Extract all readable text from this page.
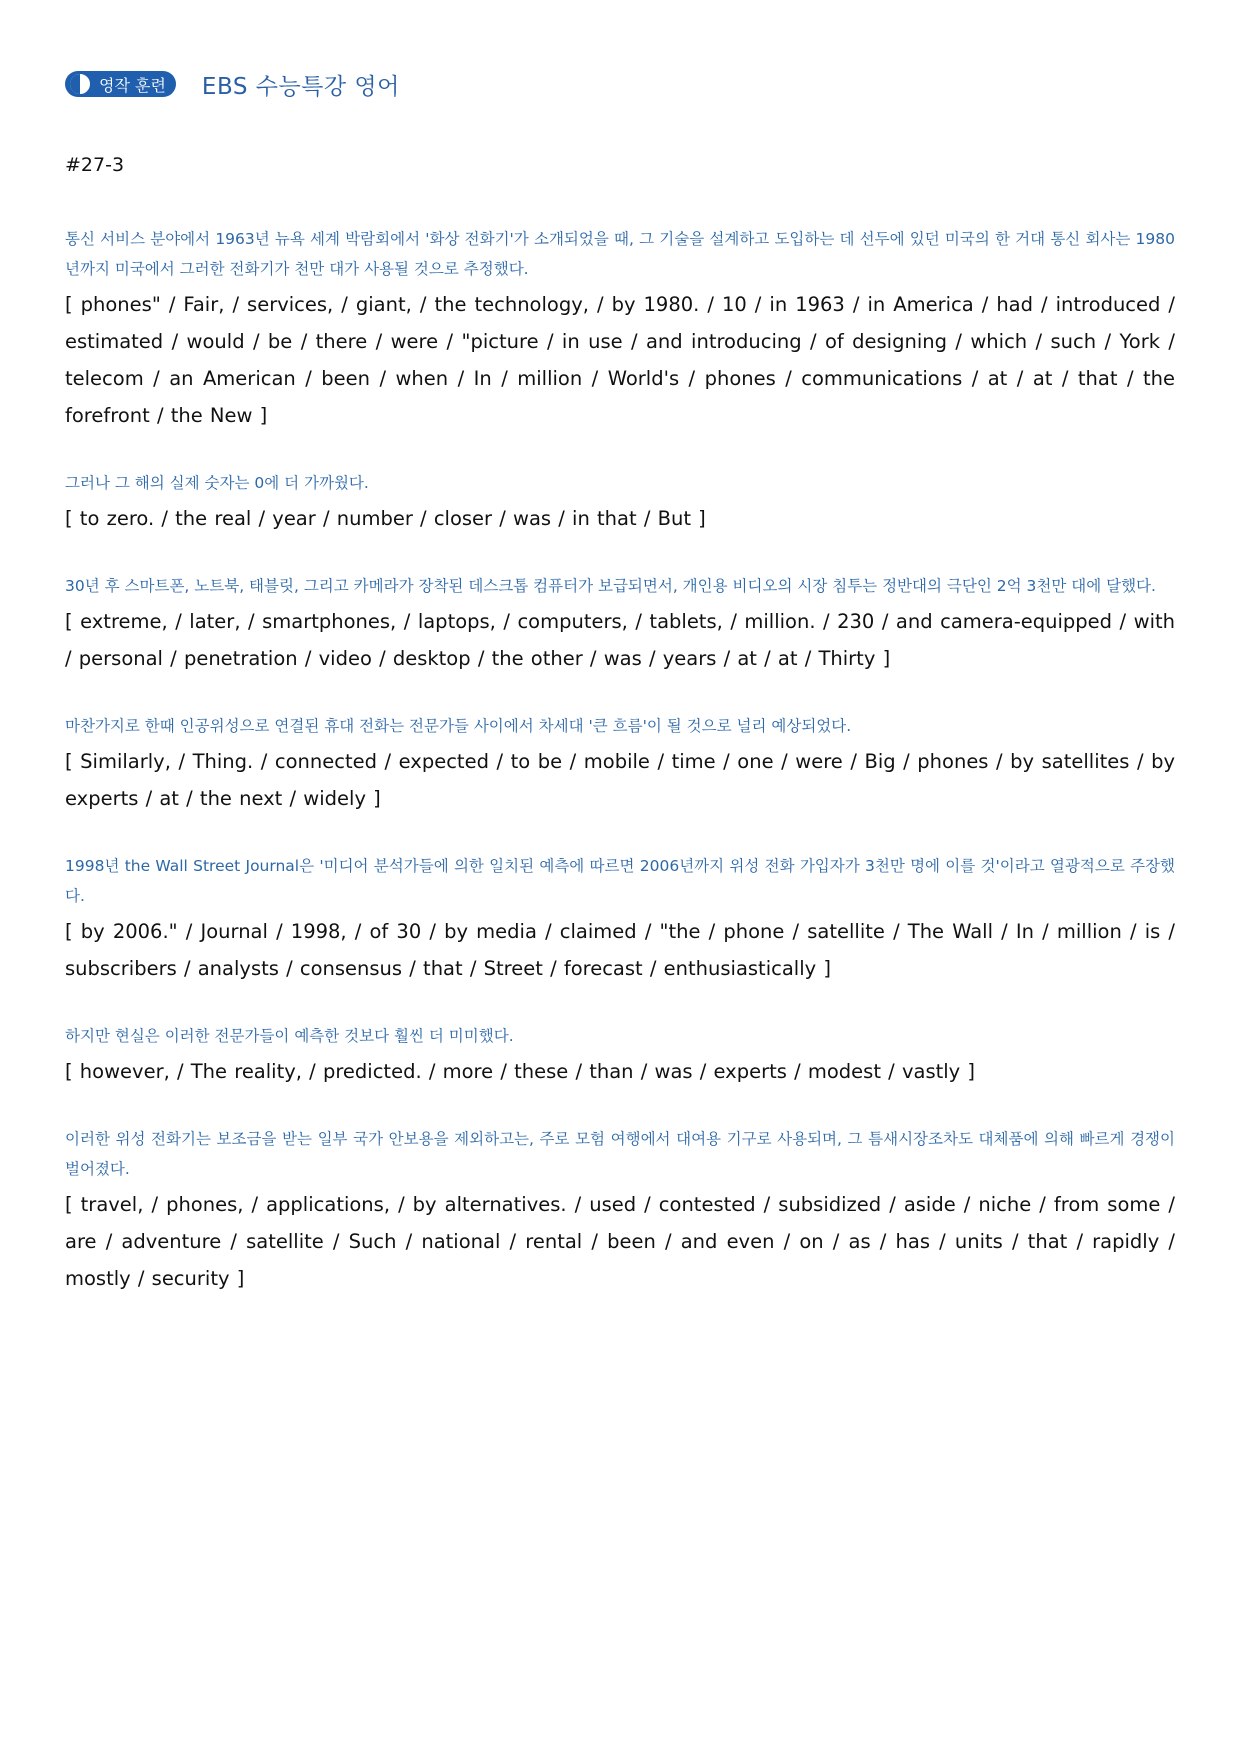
영작 훈련 EBS 수능특강 영어
#27-3
통신 서비스 분야에서 1963년 뉴욕 세계 박람회에서 '화상 전화기'가 소개되었을 때, 그 기술을 설계하고 도입하는 데 선두에 있던 미국의 한 거대 통신 회사는 1980년까지 미국에서 그러한 전화기가 천만 대가 사용될 것으로 추정했다.
[ phones" / Fair, / services, / giant, / the technology, / by 1980. / 10 / in 1963 / in America / had / introduced / estimated / would / be / there / were / "picture / in use / and introducing / of designing / which / such / York / telecom / an American / been / when / In / million / World's / phones / communications / at / at / that / the forefront / the New ]
그러나 그 해의 실제 숫자는 0에 더 가까웠다.
[ to zero. / the real / year / number / closer / was / in that / But ]
30년 후 스마트폰, 노트북, 태블릿, 그리고 카메라가 장착된 데스크톱 컴퓨터가 보급되면서, 개인용 비디오의 시장 침투는 정반대의 극단인 2억 3천만 대에 달했다.
[ extreme, / later, / smartphones, / laptops, / computers, / tablets, / million. / 230 / and camera-equipped / with / personal / penetration / video / desktop / the other / was / years / at / at / Thirty ]
마찬가지로 한때 인공위성으로 연결된 휴대 전화는 전문가들 사이에서 차세대 '큰 흐름'이 될 것으로 널리 예상되었다.
[ Similarly, / Thing. / connected / expected / to be / mobile / time / one / were / Big / phones / by satellites / by experts / at / the next / widely ]
1998년 the Wall Street Journal은 '미디어 분석가들에 의한 일치된 예측에 따르면 2006년까지 위성 전화 가입자가 3천만 명에 이를 것'이라고 열광적으로 주장했다.
[ by 2006." / Journal / 1998, / of 30 / by media / claimed / "the / phone / satellite / The Wall / In / million / is / subscribers / analysts / consensus / that / Street / forecast / enthusiastically ]
하지만 현실은 이러한 전문가들이 예측한 것보다 훨씬 더 미미했다.
[ however, / The reality, / predicted. / more / these / than / was / experts / modest / vastly ]
이러한 위성 전화기는 보조금을 받는 일부 국가 안보용을 제외하고는, 주로 모험 여행에서 대여용 기구로 사용되며, 그 틈새시장조차도 대체품에 의해 빠르게 경쟁이 벌어졌다.
[ travel, / phones, / applications, / by alternatives. / used / contested / subsidized / aside / niche / from some / are / adventure / satellite / Such / national / rental / been / and even / on / as / has / units / that / rapidly / mostly / security ]
